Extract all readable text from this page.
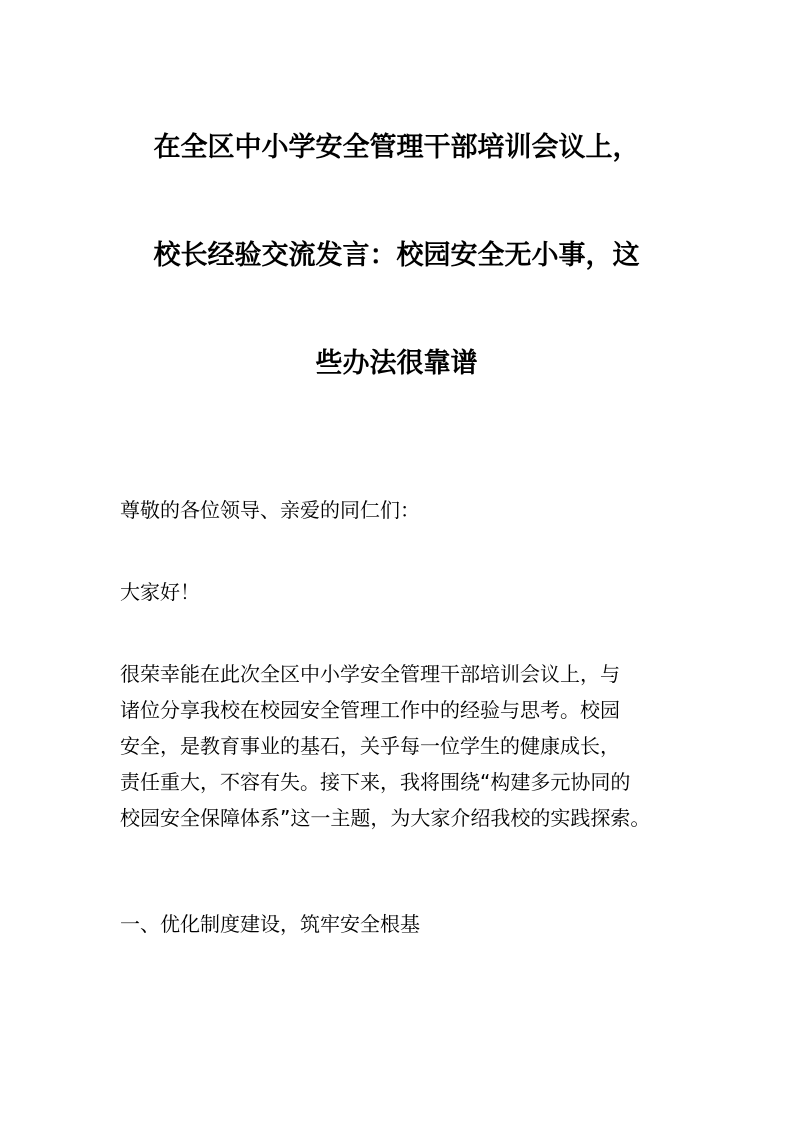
在全区中小学安全管理干部培训会议上，
校长经验交流发言：校园安全无小事，这
些办法很靠谱

尊敬的各位领导、亲爱的同仁们：

大家好！

很荣幸能在此次全区中小学安全管理干部培训会议上，与
诸位分享我校在校园安全管理工作中的经验与思考。校园
安全，是教育事业的基石，关乎每一位学生的健康成长，
责任重大，不容有失。接下来，我将围绕“构建多元协同的
校园安全保障体系”这一主题，为大家介绍我校的实践探索。

一、优化制度建设，筑牢安全根基
